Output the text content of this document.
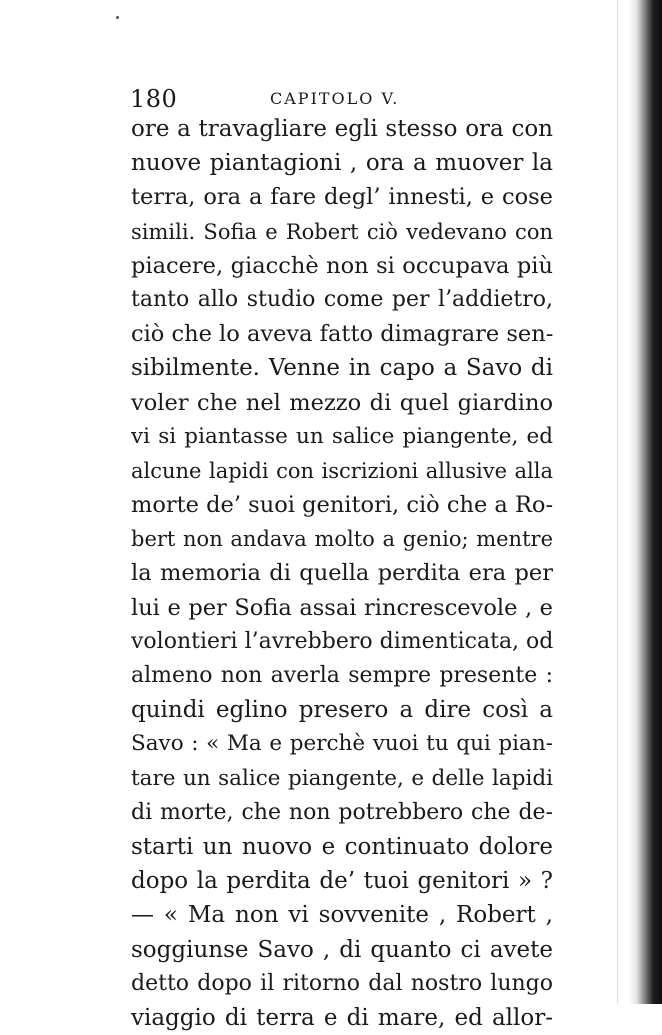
180	CAPITOLO V.
ore a travagliare egli stesso ora con
nuove piantagioni , ora a muover la
terra, ora a fare degl’ innesti, e cose
simili. Sofia e Robert ciò vedevano con
piacere, giacchè non si occupava più
tanto allo studio come per l’addietro,
ciò che lo aveva fatto dimagrare sen-
sibilmente. Venne in capo a Savo di
voler che nel mezzo di quel giardino
vi si piantasse un salice piangente, ed
alcune lapidi con iscrizioni allusive alla
morte de’ suoi genitori, ciò che a Ro-
bert non andava molto a genio; mentre
la memoria di quella perdita era per
lui e per Sofia assai rincrescevole , e
volontieri l’avrebbero dimenticata, od
almeno non averla sempre presente :
quindi eglino presero a dire così a
Savo : « Ma e perchè vuoi tu qui pian-
tare un salice piangente, e delle lapidi
di morte, che non potrebbero che de-
starti un nuovo e continuato dolore
dopo la perdita de’ tuoi genitori » ?
— « Ma non vi sovvenite , Robert ,
soggiunse Savo , di quanto ci avete
detto dopo il ritorno dal nostro lungo
viaggio di terra e di mare, ed allor-
